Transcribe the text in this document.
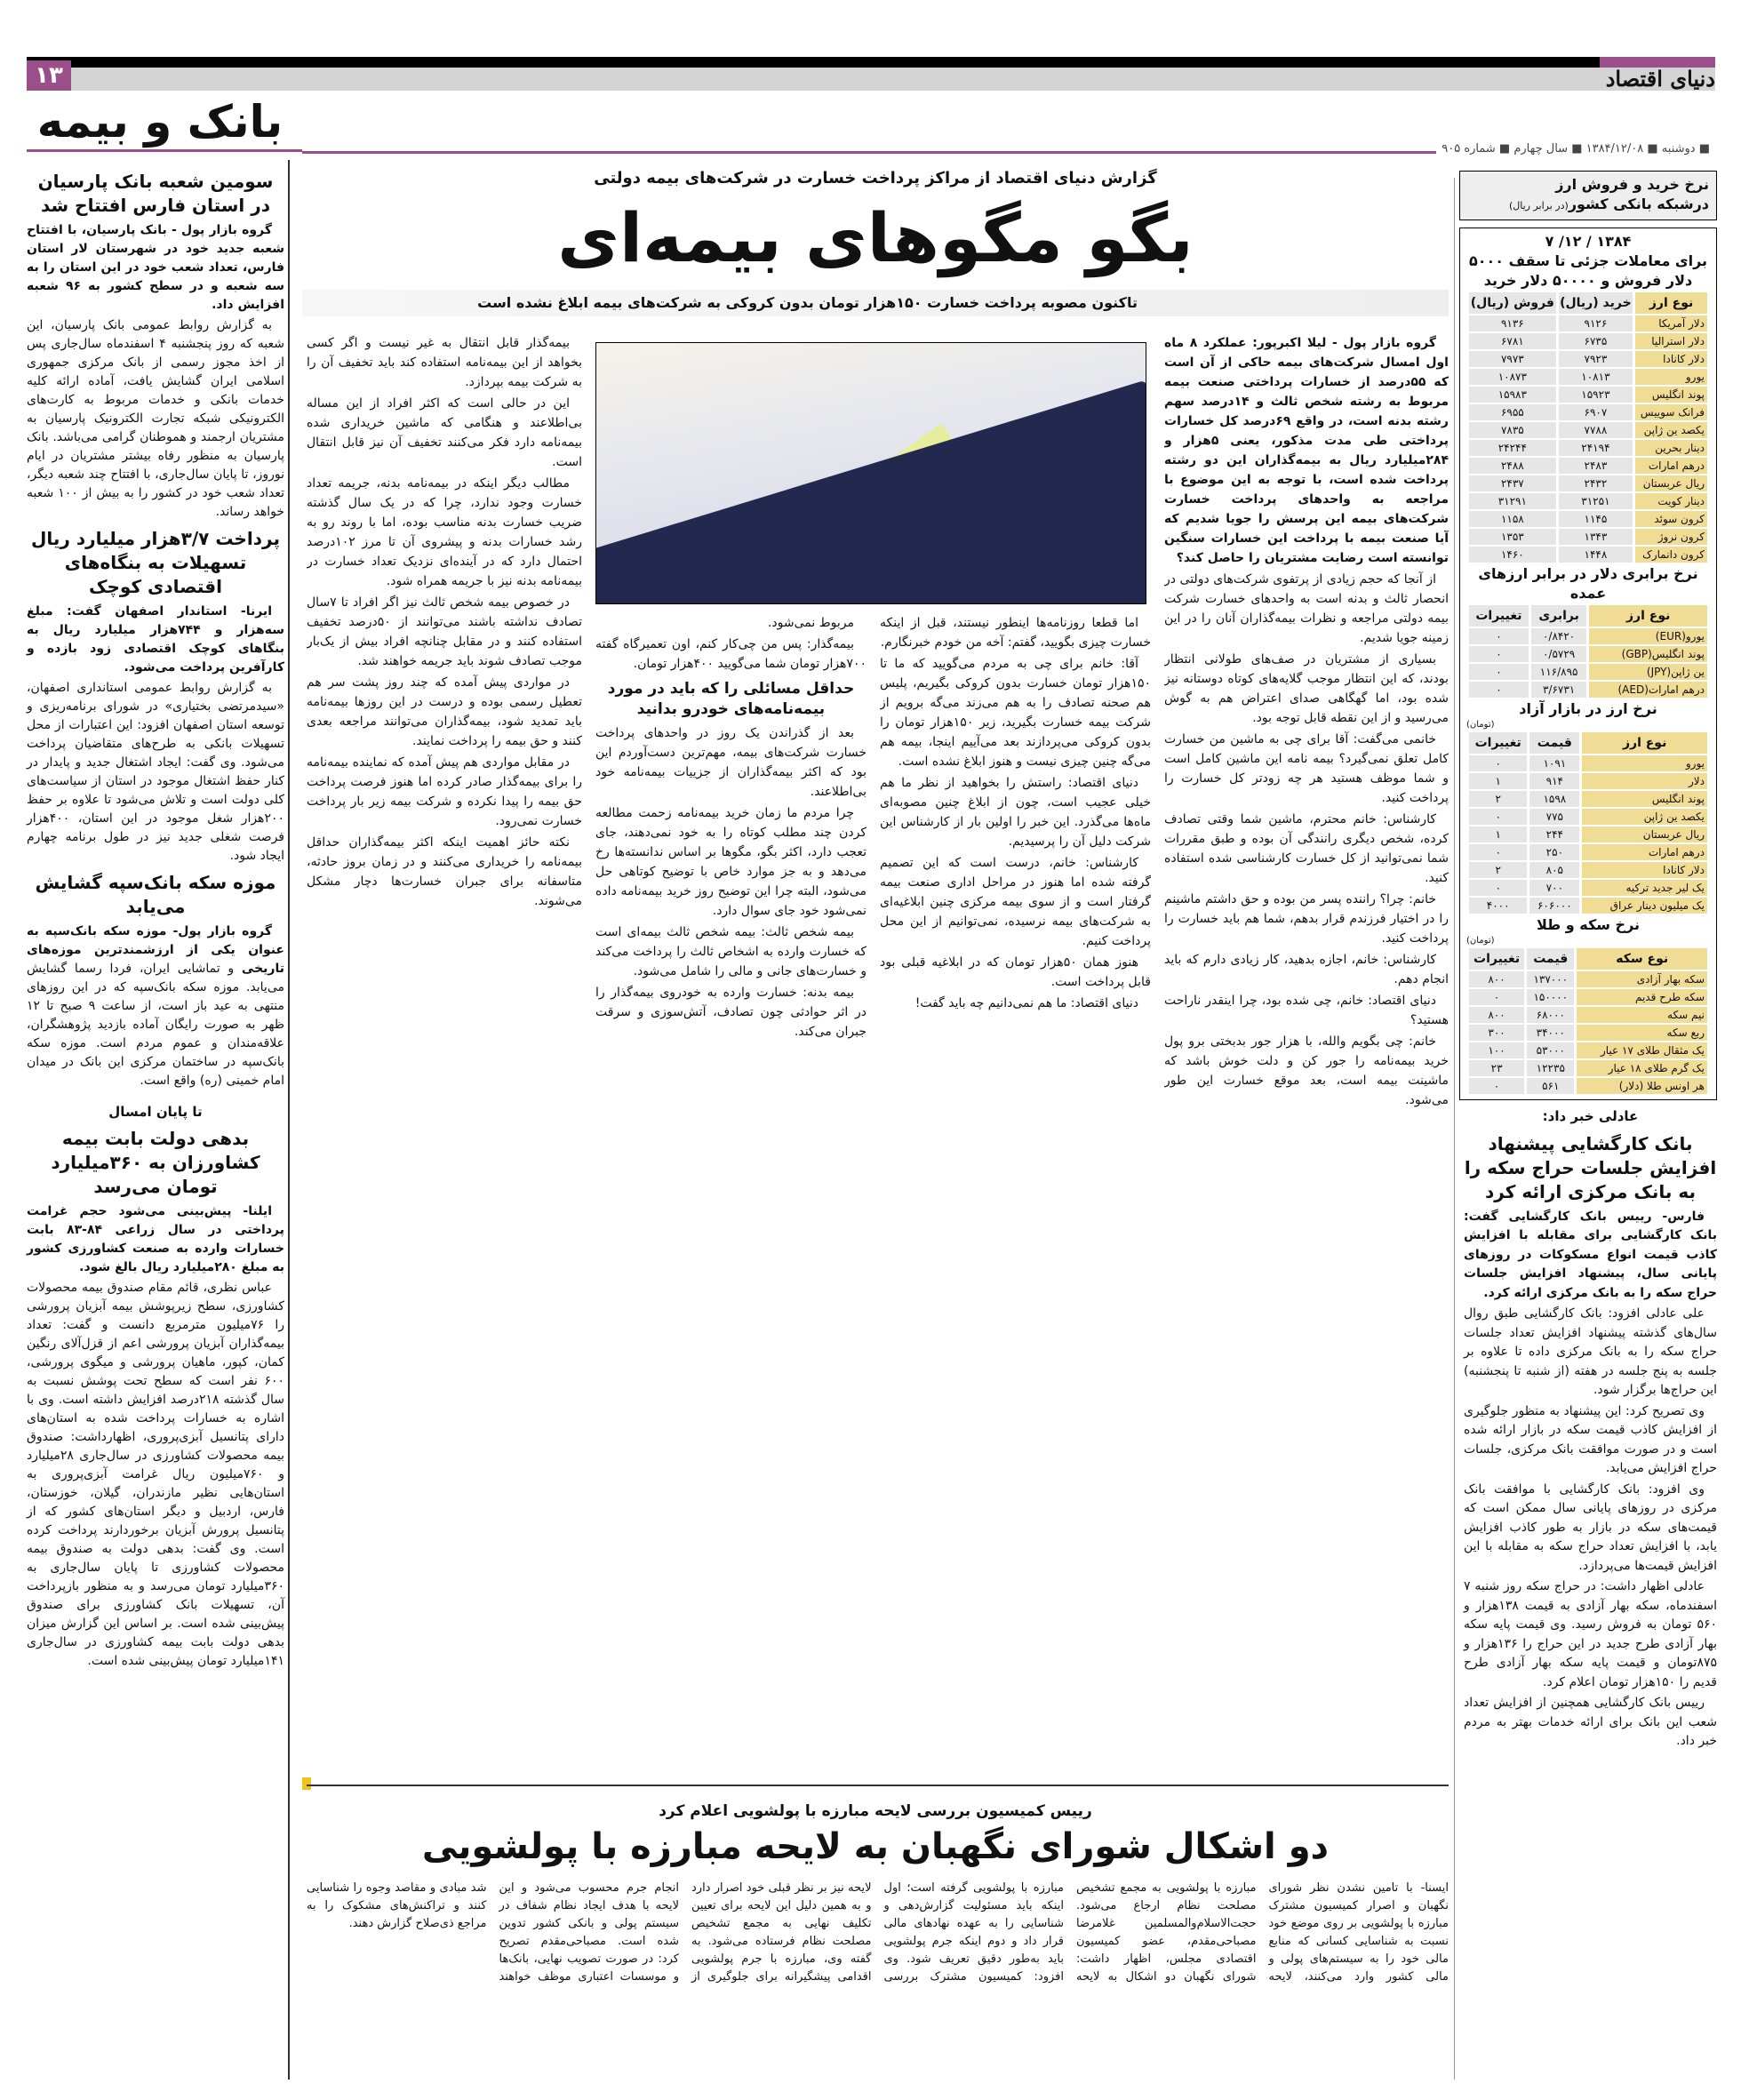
۱۳	دنیای اقتصاد
بانک و بیمه
■ دوشنبه ■ ۱۳۸۴/۱۲/۰۸ ■ سال چهارم ■ شماره ۹۰۵
سومین شعبه بانک پارسیان در استان فارس افتتاح شد

گروه بازار پول - بانک پارسیان، با افتتاح شعبه جدید خود در شهرستان لار استان فارس، تعداد شعب خود در این استان را به سه شعبه و در سطح کشور به ۹۶ شعبه افزایش داد.

به گزارش روابط عمومی بانک پارسیان، این شعبه که روز پنجشنبه ۴ اسفندماه سال‌جاری پس از اخذ مجوز رسمی از بانک مرکزی جمهوری اسلامی ایران گشایش یافت، آماده ارائه کلیه خدمات بانکی و خدمات مربوط به کارت‌های الکترونیکی شبکه تجارت الکترونیک پارسیان به مشتریان ارجمند و هموطنان گرامی می‌باشد. بانک پارسیان به منظور رفاه بیشتر مشتریان در ایام نوروز، تا پایان سال‌جاری، با افتتاح چند شعبه دیگر، تعداد شعب خود در کشور را به بیش از ۱۰۰ شعبه خواهد رساند.

پرداخت ۳/۷هزار میلیارد ریال تسهیلات به بنگاه‌های اقتصادی کوچک

ایرنا- استاندار اصفهان گفت: مبلغ سه‌هزار و ۷۴۴هزار میلیارد ریال به بنگاهای کوچک اقتصادی زود بازده و کارآفرین پرداخت می‌شود.

به گزارش روابط عمومی استانداری اصفهان، «سیدمرتضی بختیاری» در شورای برنامه‌ریزی و توسعه استان اصفهان افزود: این اعتبارات از محل تسهیلات بانکی به طرح‌های متقاضیان پرداخت می‌شود. وی گفت: ایجاد اشتغال جدید و پایدار در کنار حفظ اشتغال موجود در استان از سیاست‌های کلی دولت است و تلاش می‌شود تا علاوه بر حفظ ۲۰۰هزار شغل موجود در این استان، ۴۰۰هزار فرصت شغلی جدید نیز در طول برنامه چهارم ایجاد شود.

موزه سکه بانک‌سپه گشایش می‌یابد

گروه بازار پول- موزه سکه بانک‌سپه به عنوان یکی از ارزشمندترین موزه‌های تاریخی و تماشایی ایران، فردا رسما گشایش می‌یابد. موزه سکه بانک‌سپه که در این روزهای منتهی به عید باز است، از ساعت ۹ صبح تا ۱۲ ظهر به صورت رایگان آماده بازدید پژوهشگران، علاقه‌مندان و عموم مردم است. موزه سکه بانک‌سپه در ساختمان مرکزی این بانک در میدان امام خمینی (ره) واقع است.

تا پایان امسال
بدهی دولت بابت بیمه کشاورزان به ۳۶۰میلیارد تومان می‌رسد

ایلنا- پیش‌بینی می‌شود حجم غرامت پرداختی در سال زراعی ۸۴-۸۳ بابت خسارات وارده به صنعت کشاورزی کشور به مبلغ ۲۸۰میلیارد ریال بالغ شود.

عباس نظری، قائم مقام صندوق بیمه محصولات کشاورزی، سطح زیرپوشش بیمه آبزیان پرورشی را ۷۶میلیون مترمربع دانست و گفت: تعداد بیمه‌گذاران آبزیان پرورشی اعم از قزل‌آلای رنگین کمان، کپور، ماهیان پرورشی و میگوی پرورشی، ۶۰۰ نفر است که سطح تحت پوشش نسبت به سال گذشته ۲۱۸درصد افزایش داشته است. وی با اشاره به خسارات پرداخت شده به استان‌های دارای پتانسیل آبزی‌پروری، اظهارداشت: صندوق بیمه محصولات کشاورزی در سال‌جاری ۲۸میلیارد و ۷۶۰میلیون ریال غرامت آبزی‌پروری به استان‌هایی نظیر مازندران، گیلان، خوزستان، فارس، اردبیل و دیگر استان‌های کشور که از پتانسیل پرورش آبزیان برخوردارند پرداخت کرده است. وی گفت: بدهی دولت به صندوق بیمه محصولات کشاورزی تا پایان سال‌جاری به ۳۶۰میلیارد تومان می‌رسد و به منظور بازپرداخت آن، تسهیلات بانک کشاورزی برای صندوق پیش‌بینی شده است. بر اساس این گزارش میزان بدهی دولت بابت بیمه کشاورزی در سال‌جاری ۱۴۱میلیارد تومان پیش‌بینی شده است.

گزارش دنیای اقتصاد از مراکز پرداخت خسارت در شرکت‌های بیمه دولتی
بگو مگوهای بیمه‌ای
تاکنون مصوبه پرداخت خسارت ۱۵۰هزار تومان بدون کروکی به شرکت‌های بیمه ابلاغ نشده است

گروه بازار پول - لیلا اکبرپور: عملکرد ۸ ماه اول امسال شرکت‌های بیمه حاکی از آن است که ۵۵درصد از خسارات پرداختی صنعت بیمه مربوط به رشته شخص ثالث و ۱۴درصد سهم رشته بدنه است، در واقع ۶۹درصد کل خسارات پرداختی طی مدت مذکور، یعنی ۵هزار و ۲۸۴میلیارد ریال به بیمه‌گذاران این دو رشته پرداخت شده است، با توجه به این موضوع با مراجعه به واحدهای پرداخت خسارت شرکت‌های بیمه این پرسش را جویا شدیم که آیا صنعت بیمه با پرداخت این خسارات سنگین توانسته است رضایت مشتریان را حاصل کند؟

از آنجا که حجم زیادی از پرتفوی شرکت‌های دولتی در انحصار ثالث و بدنه است به واحدهای خسارت شرکت بیمه دولتی مراجعه و نظرات بیمه‌گذاران آنان را در این زمینه جویا شدیم.

بسیاری از مشتریان در صف‌های طولانی انتظار بودند، که این انتظار موجب گلایه‌های کوتاه دوستانه نیز شده بود، اما گهگاهی صدای اعتراض هم به گوش می‌رسید و از این نقطه قابل توجه بود.

خانمی می‌گفت: آقا برای چی به ماشین من خسارت کامل تعلق نمی‌گیرد؟ بیمه نامه این ماشین کامل است و شما موظف هستید هر چه زودتر کل خسارت را پرداخت کنید.

کارشناس: خانم محترم، ماشین شما وقتی تصادف کرده، شخص دیگری رانندگی آن بوده و طبق مقررات شما نمی‌توانید از کل خسارت کارشناسی شده استفاده کنید.

خانم: چرا؟ راننده پسر من بوده و حق داشتم ماشینم را در اختیار فرزندم قرار بدهم، شما هم باید خسارت را پرداخت کنید.

کارشناس: خانم، اجازه بدهید، کار زیادی دارم که باید انجام دهم.

دنیای اقتصاد: خانم، چی شده بود، چرا اینقدر ناراحت هستید؟

خانم: چی بگویم والله، با هزار جور بدبختی برو پول خرید بیمه‌نامه را جور کن و دلت خوش باشد که ماشینت بیمه است، بعد موقع خسارت این طور می‌شود.

اما قطعا روزنامه‌ها اینطور نیستند، قبل از اینکه خسارت چیزی بگویید، گفتم: آخه من خودم خبرنگارم.

آقا: خانم برای چی به مردم می‌گویید که ما تا ۱۵۰هزار تومان خسارت بدون کروکی بگیریم، پلیس هم صحنه تصادف را به هم می‌زند می‌گه برویم از شرکت بیمه خسارت بگیرید، زیر ۱۵۰هزار تومان را بدون کروکی می‌پردازند بعد می‌آییم اینجا، بیمه هم می‌گه چنین چیزی نیست و هنوز ابلاغ نشده است.

دنیای اقتصاد: راستش را بخواهید از نظر ما هم خیلی عجیب است، چون از ابلاغ چنین مصوبه‌ای ماه‌ها می‌گذرد. این خبر را اولین بار از کارشناس این شرکت دلیل آن را پرسیدیم.

کارشناس: خانم، درست است که این تصمیم گرفته شده اما هنوز در مراحل اداری صنعت بیمه گرفتار است و از سوی بیمه مرکزی چنین ابلاغیه‌ای به شرکت‌های بیمه نرسیده، نمی‌توانیم از این محل پرداخت کنیم.

هنوز همان ۵۰هزار تومان که در ابلاغیه قبلی بود قابل پرداخت است.

دنیای اقتصاد: ما هم نمی‌دانیم چه باید گفت!

مربوط نمی‌شود.

بیمه‌گذار: پس من چی‌کار کنم، اون تعمیرگاه گفته ۷۰۰هزار تومان شما می‌گویید ۴۰۰هزار تومان.

حداقل مسائلی را که باید در مورد بیمه‌نامه‌های خودرو بدانید

بعد از گذراندن یک روز در واحدهای پرداخت خسارت شرکت‌های بیمه، مهم‌ترین دست‌آوردم این بود که اکثر بیمه‌گذاران از جزییات بیمه‌نامه خود بی‌اطلاعند.

چرا مردم ما زمان خرید بیمه‌نامه زحمت مطالعه کردن چند مطلب کوتاه را به خود نمی‌دهند، جای تعجب دارد، اکثر بگو، مگوها بر اساس ندانسته‌ها رخ می‌دهد و به جز موارد خاص با توضیح کوتاهی حل می‌شود، البته چرا این توضیح روز خرید بیمه‌نامه داده نمی‌شود خود جای سوال دارد.

بیمه شخص ثالث: بیمه شخص ثالث بیمه‌ای است که خسارت وارده به اشخاص ثالث را پرداخت می‌کند و خسارت‌های جانی و مالی را شامل می‌شود.

بیمه بدنه: خسارت وارده به خودروی بیمه‌گذار را در اثر حوادثی چون تصادف، آتش‌سوزی و سرقت جبران می‌کند.

بیمه‌گذار قابل انتقال به غیر نیست و اگر کسی بخواهد از این بیمه‌نامه استفاده کند باید تخفیف آن را به شرکت بیمه بپردازد.

این در حالی است که اکثر افراد از این مساله بی‌اطلاعند و هنگامی که ماشین خریداری شده بیمه‌نامه دارد فکر می‌کنند تخفیف آن نیز قابل انتقال است.

مطالب دیگر اینکه در بیمه‌نامه بدنه، جریمه تعداد خسارت وجود ندارد، چرا که در یک سال گذشته ضریب خسارت بدنه مناسب بوده، اما با روند رو به رشد خسارات بدنه و پیشروی آن تا مرز ۱۰۲درصد احتمال دارد که در آینده‌ای نزدیک تعداد خسارت در بیمه‌نامه بدنه نیز با جریمه همراه شود.

در خصوص بیمه شخص ثالث نیز اگر افراد تا ۷سال تصادف نداشته باشند می‌توانند از ۵۰درصد تخفیف استفاده کنند و در مقابل چنانچه افراد بیش از یک‌بار موجب تصادف شوند باید جریمه خواهند شد.

در مواردی پیش آمده که چند روز پشت سر هم تعطیل رسمی بوده و درست در این روزها بیمه‌نامه باید تمدید شود، بیمه‌گذاران می‌توانند مراجعه بعدی کنند و حق بیمه را پرداخت نمایند.

در مقابل مواردی هم پیش آمده که نماینده بیمه‌نامه را برای بیمه‌گذار صادر کرده اما هنوز فرصت پرداخت حق بیمه را پیدا نکرده و شرکت بیمه زیر بار پرداخت خسارت نمی‌رود.

نکته حائز اهمیت اینکه اکثر بیمه‌گذاران حداقل بیمه‌نامه را خریداری می‌کنند و در زمان بروز حادثه، متاسفانه برای جبران خسارت‌ها دچار مشکل می‌شوند.

ریيس کمیسیون بررسی لایحه مبارزه با پولشویی اعلام کرد
دو اشکال شورای نگهبان به لایحه مبارزه با پولشویی
ایسنا- با تامین نشدن نظر شورای نگهبان و اصرار کمیسیون مشترک مبارزه با پولشویی بر روی موضع خود نسبت به شناسایی کسانی که منابع مالی خود را به سیستم‌های پولی و مالی کشور وارد می‌کنند، لایحه مبارزه با پولشویی به مجمع تشخیص مصلحت نظام ارجاع می‌شود. حجت‌الاسلام‌والمسلمین غلامرضا مصباحی‌مقدم، عضو کمیسیون اقتصادی مجلس، اظهار داشت: شورای نگهبان دو اشکال به لایحه مبارزه با پولشویی گرفته است؛ اول اینکه باید مسئولیت گزارش‌دهی و شناسایی را به عهده نهادهای مالی قرار داد و دوم اینکه جرم پولشویی باید به‌طور دقیق تعریف شود. وی افزود: کمیسیون مشترک بررسی لایحه نیز بر نظر قبلی خود اصرار دارد و به همین دلیل این لایحه برای تعیین تکلیف نهایی به مجمع تشخیص مصلحت نظام فرستاده می‌شود. به گفته وی، مبارزه با جرم پولشویی اقدامی پیشگیرانه برای جلوگیری از انجام جرم محسوب می‌شود و این لایحه با هدف ایجاد نظام شفاف در سیستم پولی و بانکی کشور تدوین شده است. مصباحی‌مقدم تصریح کرد: در صورت تصویب نهایی، بانک‌ها و موسسات اعتباری موظف خواهند شد مبادی و مقاصد وجوه را شناسایی کنند و تراکنش‌های مشکوک را به مراجع ذی‌صلاح گزارش دهند.
نرخ خرید و فروش ارز
درشبکه بانکی کشور(در برابر ریال)
۱۳۸۴ / ۱۲/ ۷
برای معاملات جزئی تا سقف ۵۰۰۰ دلار فروش و ۵۰۰۰۰ دلار خرید
نوع ارز	خرید (ریال)	فروش (ریال)
دلار آمریکا	۹۱۲۶	۹۱۳۶
دلار استرالیا	۶۷۳۵	۶۷۸۱
دلار کانادا	۷۹۲۳	۷۹۷۳
یورو	۱۰۸۱۳	۱۰۸۷۳
پوند انگلیس	۱۵۹۲۳	۱۵۹۸۳
فرانک سوییس	۶۹۰۷	۶۹۵۵
یکصد ین ژاپن	۷۷۸۸	۷۸۳۵
دینار بحرین	۲۴۱۹۴	۲۴۲۴۴
درهم امارات	۲۴۸۳	۲۴۸۸
ریال عربستان	۲۴۳۲	۲۴۳۷
دینار کویت	۳۱۲۵۱	۳۱۲۹۱
کرون سوئد	۱۱۴۵	۱۱۵۸
کرون نروژ	۱۳۴۳	۱۳۵۳
کرون دانمارک	۱۴۴۸	۱۴۶۰
نرخ برابری دلار در برابر ارزهای عمده
نوع ارز	برابری	تغییرات
یورو(EUR)	۰/۸۴۲۰	۰
پوند انگلیس(GBP)	۰/۵۷۲۹	۰
ین ژاپن(JPY)	۱۱۶/۸۹۵	۰
درهم امارات(AED)	۳/۶۷۳۱	۰
نرخ ارز در بازار آزاد
(تومان)
نوع ارز	قیمت	تغییرات
یورو	۱۰۹۱	۰
دلار	۹۱۴	۱
پوند انگلیس	۱۵۹۸	۲
یکصد ین ژاپن	۷۷۵	۰
ریال عربستان	۲۴۴	۱
درهم امارات	۲۵۰	۰
دلار کانادا	۸۰۵	۲
یک لیر جدید ترکیه	۷۰۰	۰
یک میلیون دینار عراق	۶۰۶۰۰۰	۴۰۰۰
نرخ سکه و طلا
(تومان)
نوع سکه	قیمت	تغییرات
سکه بهار آزادی	۱۳۷۰۰۰	۸۰۰
سکه طرح قدیم	۱۵۰۰۰۰	۰
نیم سکه	۶۸۰۰۰	۸۰۰
ربع سکه	۳۴۰۰۰	۳۰۰
یک مثقال طلای ۱۷ عیار	۵۳۰۰۰	۱۰۰
یک گرم طلای ۱۸ عیار	۱۲۲۳۵	۲۳
هر اونس طلا (دلار)	۵۶۱	۰
عادلی خبر داد:
بانک کارگشایی پیشنهاد افزایش جلسات حراج سکه را به بانک مرکزی ارائه کرد

فارس- رییس بانک کارگشایی گفت: بانک کارگشایی برای مقابله با افزایش کاذب قیمت انواع مسکوکات در روزهای پایانی سال، پیشنهاد افزایش جلسات حراج سکه را به بانک مرکزی ارائه کرد.

علی عادلی افزود: بانک کارگشایی طبق روال سال‌های گذشته پیشنهاد افزایش تعداد جلسات حراج سکه را به بانک مرکزی داده تا علاوه بر جلسه به پنج جلسه در هفته (از شنبه تا پنجشنبه) این حراج‌ها برگزار شود.

وی تصریح کرد: این پیشنهاد به منظور جلوگیری از افزایش کاذب قیمت سکه در بازار ارائه شده است و در صورت موافقت بانک مرکزی، جلسات حراج افزایش می‌یابد.

وی افزود: بانک کارگشایی با موافقت بانک مرکزی در روزهای پایانی سال ممکن است که قیمت‌های سکه در بازار به طور کاذب افزایش یابد، با افزایش تعداد حراج سکه به مقابله با این افزایش قیمت‌ها می‌پردازد.

عادلی اظهار داشت: در حراج سکه روز شنبه ۷ اسفندماه، سکه بهار آزادی به قیمت ۱۳۸هزار و ۵۶۰ تومان به فروش رسید. وی قیمت پایه سکه بهار آزادی طرح جدید در این حراج را ۱۳۶هزار و ۸۷۵تومان و قیمت پایه سکه بهار آزادی طرح قدیم را ۱۵۰هزار تومان اعلام کرد.

رییس بانک کارگشایی همچنین از افزایش تعداد شعب این بانک برای ارائه خدمات بهتر به مردم خبر داد.
